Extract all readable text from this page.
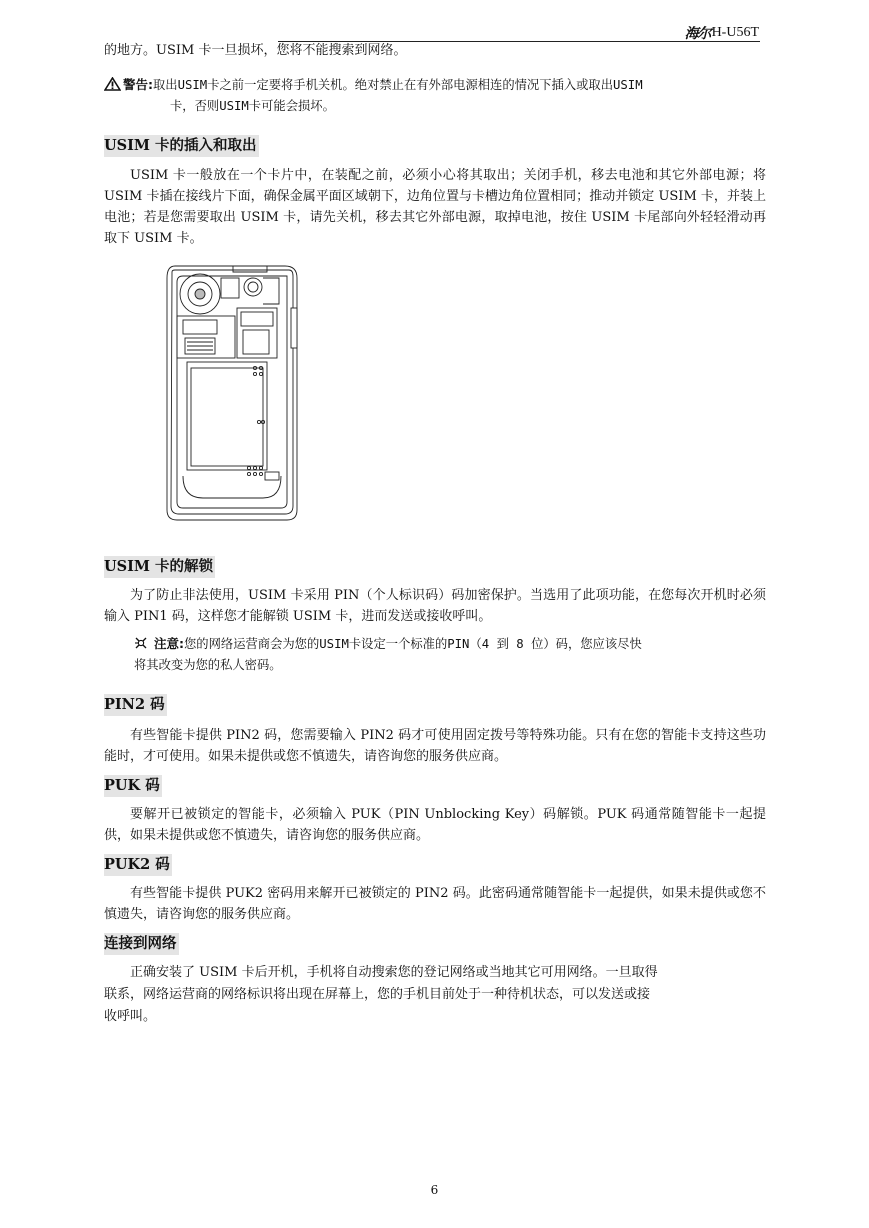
海尔 H-U56T
的地方。USIM 卡一旦损坏，您将不能搜索到网络。
警告:取出USIM卡之前一定要将手机关机。绝对禁止在有外部电源相连的情况下插入或取出USIM
卡，否则USIM卡可能会损坏。
USIM 卡的插入和取出
USIM 卡一般放在一个卡片中，在装配之前，必须小心将其取出；关闭手机，移去电池和其它外部电源；将 USIM 卡插在接线片下面，确保金属平面区域朝下，边角位置与卡槽边角位置相同；推动并锁定 USIM 卡，并装上电池；若是您需要取出 USIM 卡，请先关机，移去其它外部电源，取掉电池，按住 USIM 卡尾部向外轻轻滑动再取下 USIM 卡。
USIM 卡的解锁
为了防止非法使用，USIM 卡采用 PIN（个人标识码）码加密保护。当选用了此项功能，在您每次开机时必须输入 PIN1 码，这样您才能解锁 USIM 卡，进而发送或接收呼叫。
注意:您的网络运营商会为您的USIM卡设定一个标准的PIN（4 到 8 位）码，您应该尽快
将其改变为您的私人密码。
PIN2 码
有些智能卡提供 PIN2 码，您需要输入 PIN2 码才可使用固定拨号等特殊功能。只有在您的智能卡支持这些功能时，才可使用。如果未提供或您不慎遗失，请咨询您的服务供应商。
PUK 码
要解开已被锁定的智能卡，必须输入 PUK（PIN Unblocking Key）码解锁。PUK 码通常随智能卡一起提供，如果未提供或您不慎遗失，请咨询您的服务供应商。
PUK2 码
有些智能卡提供 PUK2 密码用来解开已被锁定的 PIN2 码。此密码通常随智能卡一起提供，如果未提供或您不慎遗失，请咨询您的服务供应商。
连接到网络
正确安装了 USIM 卡后开机，手机将自动搜索您的登记网络或当地其它可用网络。一旦取得
联系，网络运营商的网络标识将出现在屏幕上，您的手机目前处于一种待机状态，可以发送或接
收呼叫。
6
